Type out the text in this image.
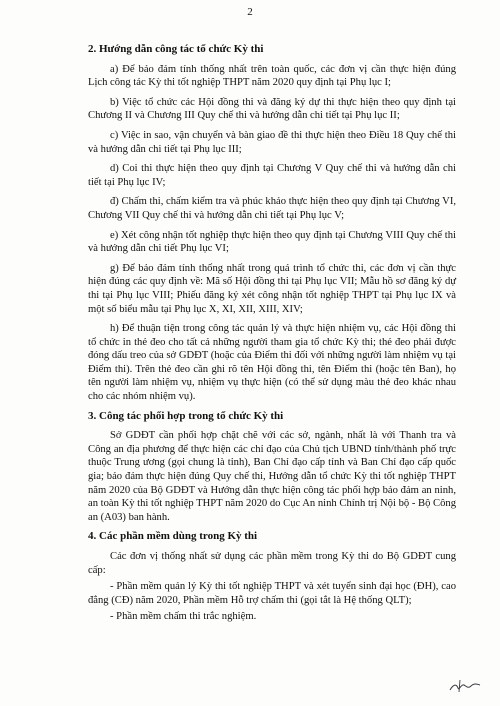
2
2. Hướng dẫn công tác tổ chức Kỳ thi

a) Để bảo đảm tính thống nhất trên toàn quốc, các đơn vị cần thực hiện đúng Lịch công tác Kỳ thi tốt nghiệp THPT năm 2020 quy định tại Phụ lục I;

b) Việc tổ chức các Hội đồng thi và đăng ký dự thi thực hiện theo quy định tại Chương II và Chương III Quy chế thi và hướng dẫn chi tiết tại Phụ lục II;

c) Việc in sao, vận chuyển và bàn giao đề thi thực hiện theo Điều 18 Quy chế thi và hướng dẫn chi tiết tại Phụ lục III;

d) Coi thi thực hiện theo quy định tại Chương V Quy chế thi và hướng dẫn chi tiết tại Phụ lục IV;

đ) Chấm thi, chấm kiểm tra và phúc khảo thực hiện theo quy định tại Chương VI, Chương VII Quy chế thi và hướng dẫn chi tiết tại Phụ lục V;

e) Xét công nhận tốt nghiệp thực hiện theo quy định tại Chương VIII Quy chế thi và hướng dẫn chi tiết Phụ lục VI;

g) Để bảo đảm tính thống nhất trong quá trình tổ chức thi, các đơn vị cần thực hiện đúng các quy định về: Mã số Hội đồng thi tại Phụ lục VII; Mẫu hồ sơ đăng ký dự thi tại Phụ lục VIII; Phiếu đăng ký xét công nhận tốt nghiệp THPT tại Phụ lục IX và một số biểu mẫu tại Phụ lục X, XI, XII, XIII, XIV;

h) Để thuận tiện trong công tác quản lý và thực hiện nhiệm vụ, các Hội đồng thi tổ chức in thẻ đeo cho tất cả những người tham gia tổ chức Kỳ thi; thẻ đeo phải được đóng dấu treo của sở GDĐT (hoặc của Điểm thi đối với những người làm nhiệm vụ tại Điểm thi). Trên thẻ đeo cần ghi rõ tên Hội đồng thi, tên Điểm thi (hoặc tên Ban), họ tên người làm nhiệm vụ, nhiệm vụ thực hiện (có thể sử dụng màu thẻ đeo khác nhau cho các nhóm nhiệm vụ).

3. Công tác phối hợp trong tổ chức Kỳ thi

Sở GDĐT cần phối hợp chặt chẽ với các sở, ngành, nhất là với Thanh tra và Công an địa phương để thực hiện các chỉ đạo của Chủ tịch UBND tỉnh/thành phố trực thuộc Trung ương (gọi chung là tỉnh), Ban Chỉ đạo cấp tỉnh và Ban Chỉ đạo cấp quốc gia; bảo đảm thực hiện đúng Quy chế thi, Hướng dẫn tổ chức Kỳ thi tốt nghiệp THPT năm 2020 của Bộ GDĐT và Hướng dẫn thực hiện công tác phối hợp bảo đảm an ninh, an toàn Kỳ thi tốt nghiệp THPT năm 2020 do Cục An ninh Chính trị Nội bộ - Bộ Công an (A03) ban hành.

4. Các phần mềm dùng trong Kỳ thi

Các đơn vị thống nhất sử dụng các phần mềm trong Kỳ thi do Bộ GDĐT cung cấp:

- Phần mềm quản lý Kỳ thi tốt nghiệp THPT và xét tuyển sinh đại học (ĐH), cao đẳng (CĐ) năm 2020, Phần mềm Hỗ trợ chấm thi (gọi tắt là Hệ thống QLT);

- Phần mềm chấm thi trắc nghiệm.
